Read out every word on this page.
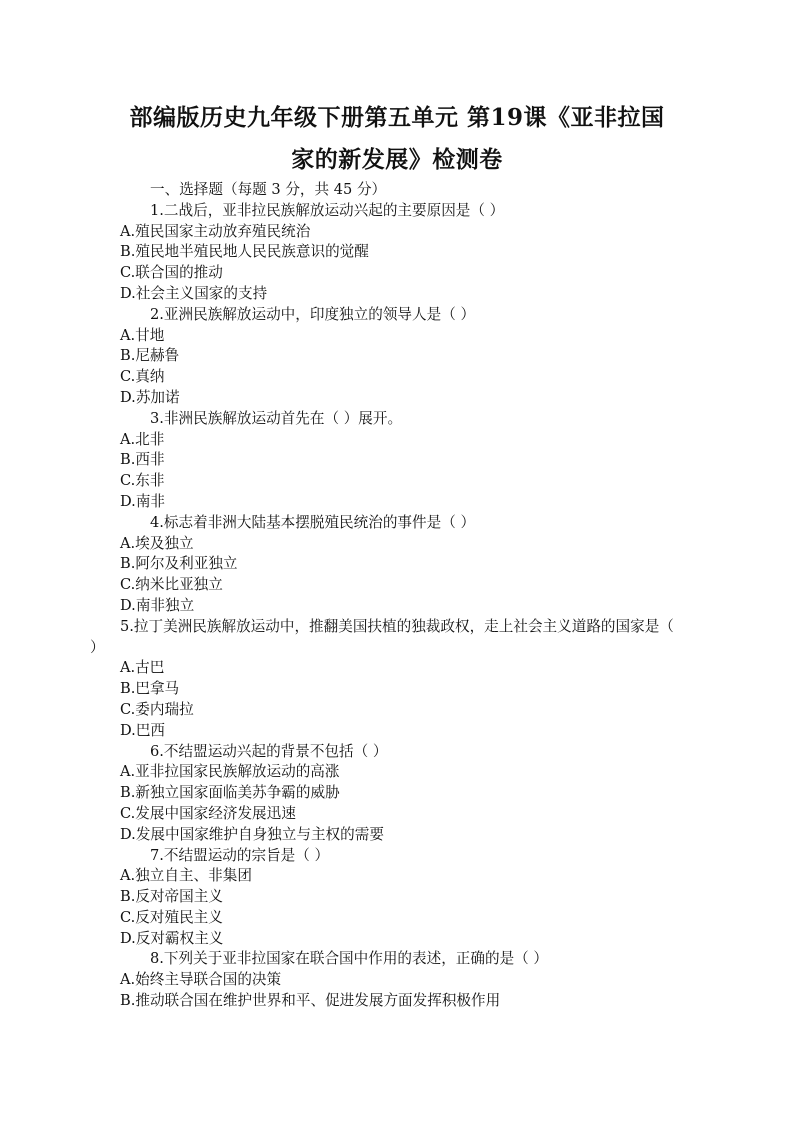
部编版历史九年级下册第五单元 第19课《亚非拉国
家的新发展》检测卷
一、选择题（每题 3 分，共 45 分）
1.二战后，亚非拉民族解放运动兴起的主要原因是（ ）
A.殖民国家主动放弃殖民统治
B.殖民地半殖民地人民民族意识的觉醒
C.联合国的推动
D.社会主义国家的支持
2.亚洲民族解放运动中，印度独立的领导人是（ ）
A.甘地
B.尼赫鲁
C.真纳
D.苏加诺
3.非洲民族解放运动首先在（ ）展开。
A.北非
B.西非
C.东非
D.南非
4.标志着非洲大陆基本摆脱殖民统治的事件是（ ）
A.埃及独立
B.阿尔及利亚独立
C.纳米比亚独立
D.南非独立
5.拉丁美洲民族解放运动中，推翻美国扶植的独裁政权，走上社会主义道路的国家是（ ）
A.古巴
B.巴拿马
C.委内瑞拉
D.巴西
6.不结盟运动兴起的背景不包括（ ）
A.亚非拉国家民族解放运动的高涨
B.新独立国家面临美苏争霸的威胁
C.发展中国家经济发展迅速
D.发展中国家维护自身独立与主权的需要
7.不结盟运动的宗旨是（ ）
A.独立自主、非集团
B.反对帝国主义
C.反对殖民主义
D.反对霸权主义
8.下列关于亚非拉国家在联合国中作用的表述，正确的是（ ）
A.始终主导联合国的决策
B.推动联合国在维护世界和平、促进发展方面发挥积极作用
